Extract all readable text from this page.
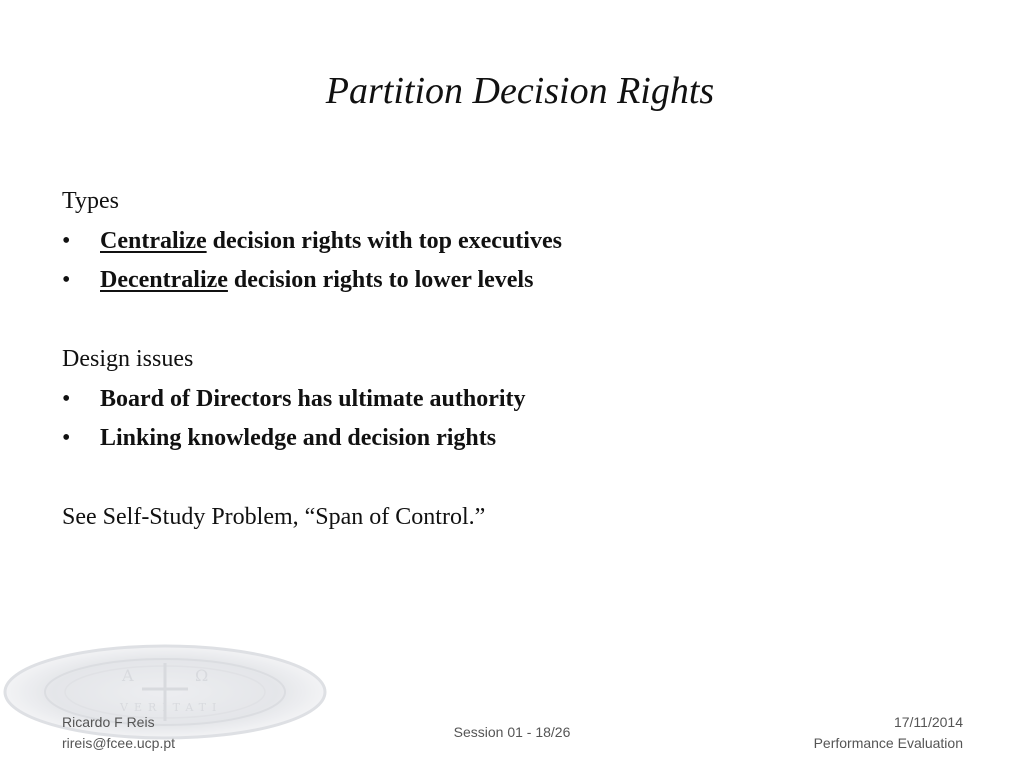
Partition Decision Rights
Types
• Centralize decision rights with top executives
• Decentralize decision rights to lower levels
Design issues
• Board of Directors has ultimate authority
• Linking knowledge and decision rights
See Self-Study Problem, “Span of Control.”
A	Ω
VERITATI
Ricardo F Reis
rireis@fcee.ucp.pt
Session 01 - 18/26
17/11/2014
Performance Evaluation
